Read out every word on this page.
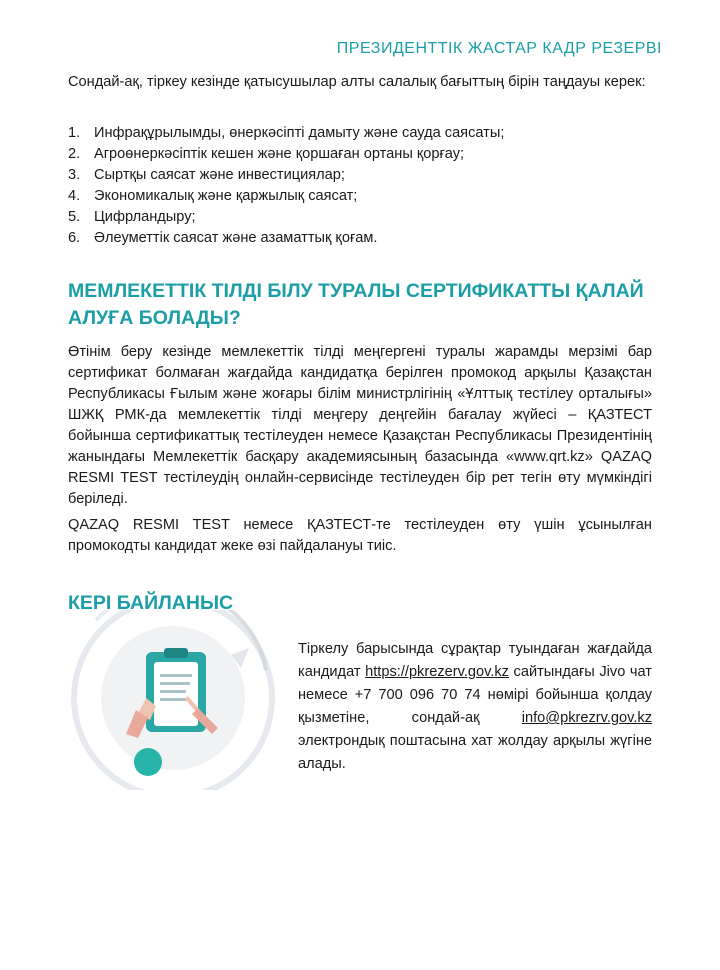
ПРЕЗИДЕНТТІК ЖАСТАР КАДР РЕЗЕРВІ

Сондай-ақ, тіркеу кезінде қатысушылар алты салалық бағыттың бірін таңдауы керек:

1. Инфрақұрылымды, өнеркәсіпті дамыту және сауда саясаты;
2. Агроөнеркәсіптік кешен және қоршаған ортаны қорғау;
3. Сыртқы саясат және инвестициялар;
4. Экономикалық және қаржылық саясат;
5. Цифрландыру;
6. Әлеуметтік саясат және азаматтық қоғам.
МЕМЛЕКЕТТІК ТІЛДІ БІЛУ ТУРАЛЫ СЕРТИФИКАТТЫ ҚАЛАЙ АЛУҒА БОЛАДЫ?

Өтінім беру кезінде мемлекеттік тілді меңгергені туралы жарамды мерзімі бар сертификат болмаған жағдайда кандидатқа берілген промокод арқылы Қазақстан Республикасы Ғылым және жоғары білім министрлігінің «Ұлттық тестілеу орталығы» ШЖҚ РМК-да мемлекеттік тілді меңгеру деңгейін бағалау жүйесі – ҚАЗТЕСТ бойынша сертификаттық тестілеуден немесе Қазақстан Республикасы Президентінің жанындағы Мемлекеттік басқару академиясының базасында «www.qrt.kz» QAZAQ RESMI TEST тестілеудің онлайн-сервисінде тестілеуден бір рет тегін өту мүмкіндігі беріледі.

QAZAQ RESMI TEST немесе ҚАЗТЕСТ-те тестілеуден өту үшін ұсынылған промокодты кандидат жеке өзі пайдалануы тиіс.

КЕРІ БАЙЛАНЫС

Тіркелу барысында сұрақтар туындаған жағдайда кандидат https://pkrezerv.gov.kz сайтындағы Jivo чат немесе +7 700 096 70 74 нөмірі бойынша қолдау қызметіне, сондай-ақ info@pkrezrv.gov.kz электрондық поштасына хат жолдау арқылы жүгіне алады.
